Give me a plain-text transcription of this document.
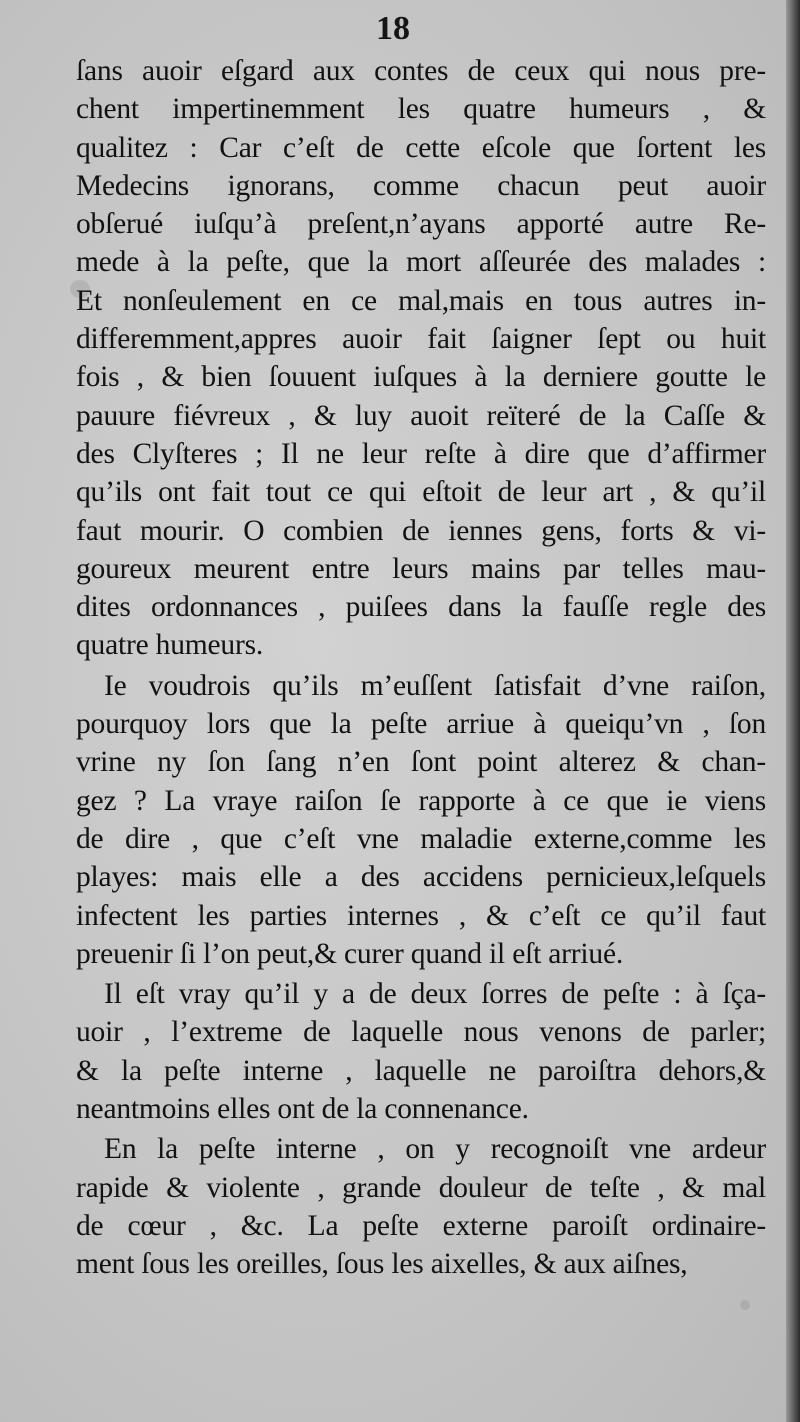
18
ſans auoir eſgard aux contes de ceux qui nous pre-
chent impertinemment les quatre humeurs , &
qualitez : Car c’eſt de cette eſcole que ſortent les
Medecins ignorans, comme chacun peut auoir
obſerué iuſqu’à preſent,n’ayans apporté autre Re-
mede à la peſte, que la mort aſſeurée des malades :
Et nonſeulement en ce mal,mais en tous autres in-
differemment,appres auoir fait ſaigner ſept ou huit
fois , & bien ſouuent iuſques à la derniere goutte le
pauure fiévreux , & luy auoit reïteré de la Caſſe &
des Clyſteres ; Il ne leur reſte à dire que d’affirmer
qu’ils ont fait tout ce qui eſtoit de leur art , & qu’il
faut mourir. O combien de iennes gens, forts & vi-
goureux meurent entre leurs mains par telles mau-
dites ordonnances , puiſees dans la fauſſe regle des
quatre humeurs.
Ie voudrois qu’ils m’euſſent ſatisfait d’vne raiſon,
pourquoy lors que la peſte arriue à queiqu’vn , ſon
vrine ny ſon ſang n’en ſont point alterez & chan-
gez ? La vraye raiſon ſe rapporte à ce que ie viens
de dire , que c’eſt vne maladie externe,comme les
playes: mais elle a des accidens pernicieux,leſquels
infectent les parties internes , & c’eſt ce qu’il faut
preuenir ſi l’on peut,& curer quand il eſt arriué.
Il eſt vray qu’il y a de deux ſorres de peſte : à ſça-
uoir , l’extreme de laquelle nous venons de parler;
& la peſte interne , laquelle ne paroiſtra dehors,&
neantmoins elles ont de la connenance.
En la peſte interne , on y recognoiſt vne ardeur
rapide & violente , grande douleur de teſte , & mal
de cœur , &c. La peſte externe paroiſt ordinaire-
ment ſous les oreilles, ſous les aixelles, & aux aiſnes,
